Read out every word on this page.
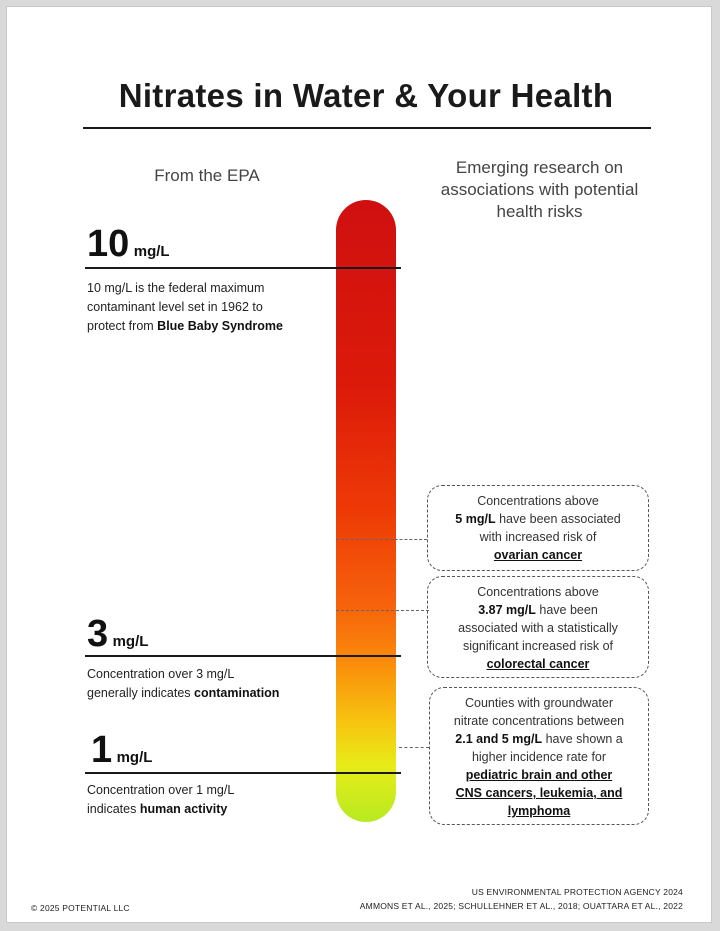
Nitrates in Water & Your Health
From the EPA	Emerging research on
associations with potential
health risks
10 mg/L
10 mg/L is the federal maximum
contaminant level set in 1962 to
protect from Blue Baby Syndrome
3 mg/L
Concentration over 3 mg/L
generally indicates contamination
1 mg/L
Concentration over 1 mg/L
indicates human activity
Concentrations above
5 mg/L have been associated
with increased risk of
ovarian cancer
Concentrations above
3.87 mg/L have been
associated with a statistically
significant increased risk of
colorectal cancer
Counties with groundwater
nitrate concentrations between
2.1 and 5 mg/L have shown a
higher incidence rate for
pediatric brain and other
CNS cancers, leukemia, and
lymphoma
© 2025 POTENTIAL LLC
US ENVIRONMENTAL PROTECTION AGENCY 2024
AMMONS ET AL., 2025; SCHULLEHNER ET AL., 2018; OUATTARA ET AL., 2022
